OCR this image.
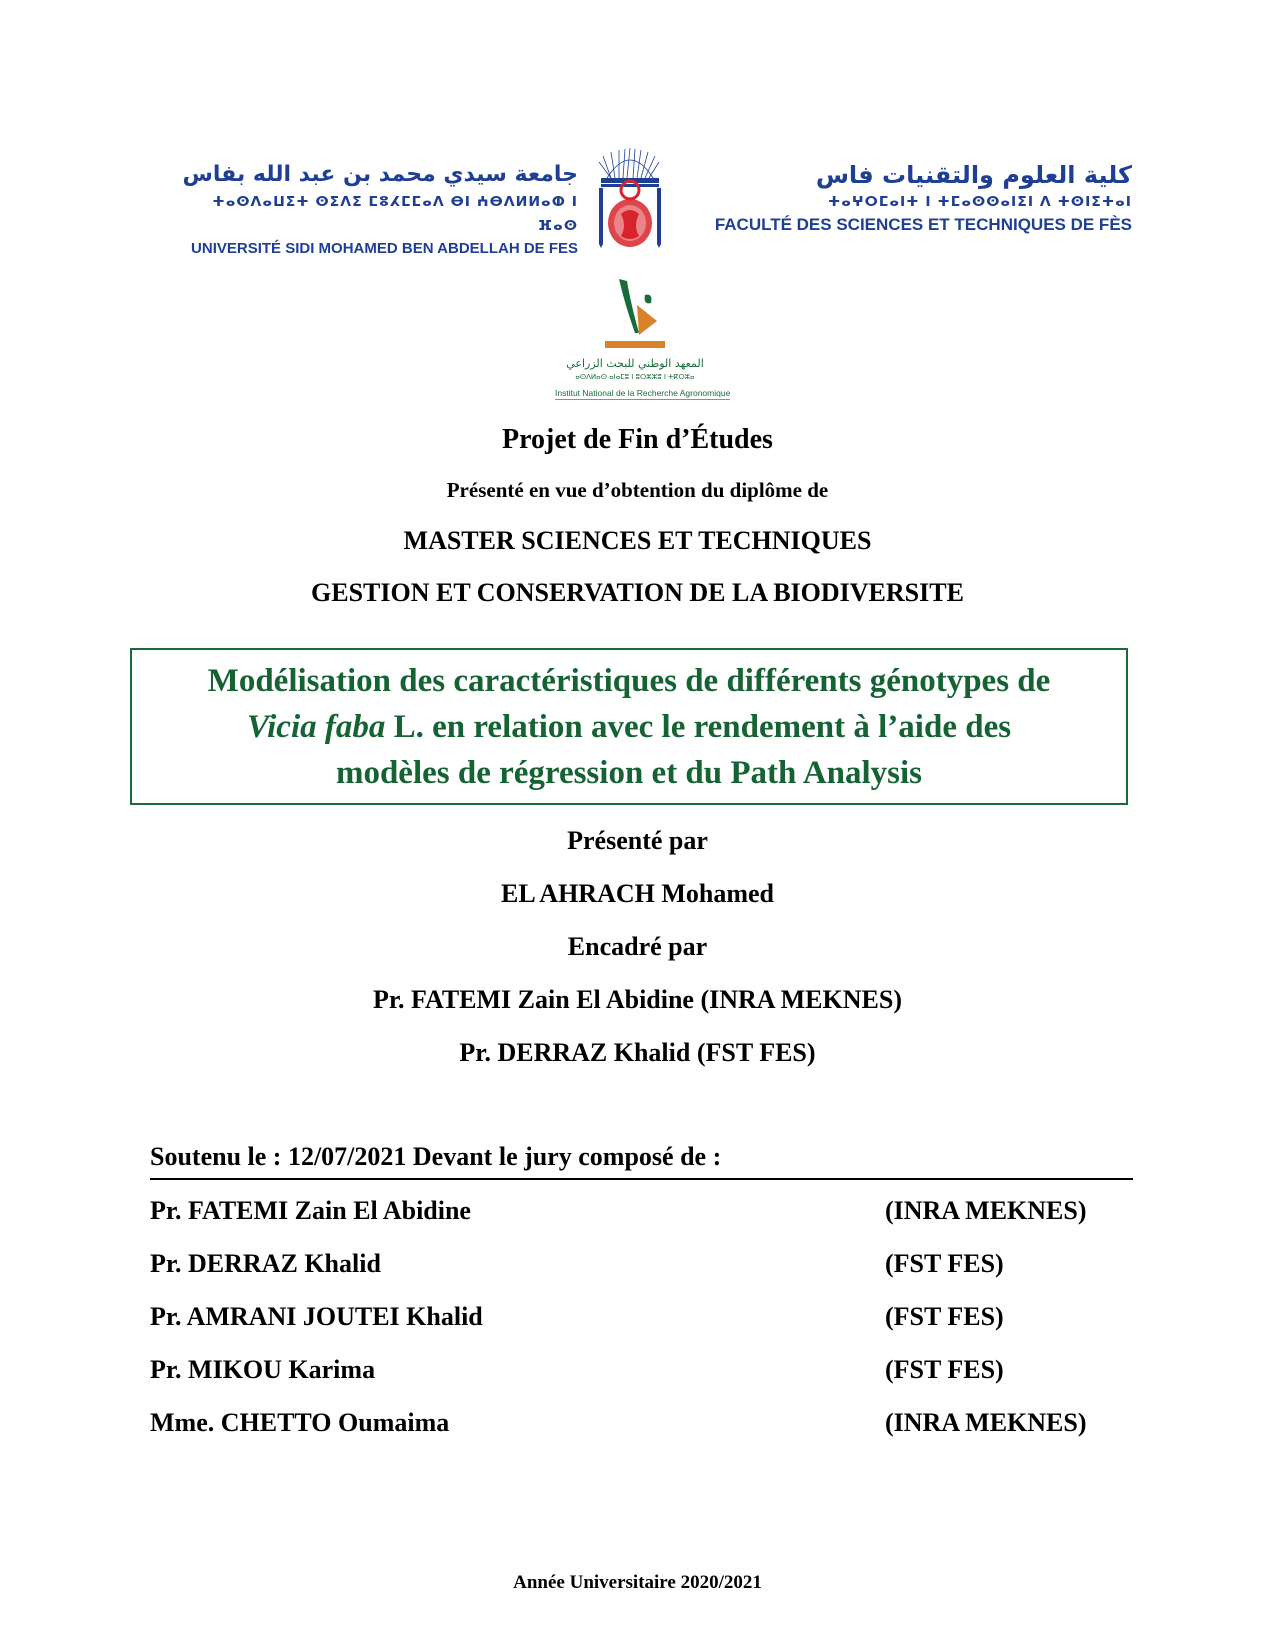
جامعة سيدي محمد بن عبد الله بفاس
ⵜⴰⵙⴷⴰⵡⵉⵜ ⵙⵉⴷⵉ ⵎⵓⵃⵎⵎⴰⴷ ⴱⵏ ⵄⴱⴷⵍⵍⴰⵀ ⵏ ⴼⴰⵙ
UNIVERSITÉ SIDI MOHAMED BEN ABDELLAH DE FES
كلية العلوم والتقنيات فاس
ⵜⴰⵖⵔⵎⴰⵏⵜ ⵏ ⵜⵎⴰⵙⵙⴰⵏⵉⵏ ⴷ ⵜⵙⵏⵉⵜⴰⵏ
FACULTÉ DES SCIENCES ET TECHNIQUES DE FÈS
المعهد الوطني للبحث الزراعي
ⴰⵙⴷⵍⴰⵙ ⴰⵏⴰⵎⵓ ⵏ ⵓⵔⵣⵣⵓ ⵏ ⵜⴽⵔⵣⴰ
Institut National de la Recherche Agronomique
Projet de Fin d’Études
Présenté en vue d’obtention du diplôme de
MASTER SCIENCES ET TECHNIQUES
GESTION ET CONSERVATION DE LA BIODIVERSITE
Modélisation des caractéristiques de différents génotypes de
Vicia faba L. en relation avec le rendement à l’aide des
modèles de régression et du Path Analysis
Présenté par
EL AHRACH Mohamed
Encadré par
Pr. FATEMI Zain El Abidine (INRA MEKNES)
Pr. DERRAZ Khalid (FST FES)
Soutenu le : 12/07/2021 Devant le jury composé de :
Pr. FATEMI Zain El Abidine	(INRA MEKNES)
Pr. DERRAZ Khalid	(FST FES)
Pr. AMRANI JOUTEI Khalid	(FST FES)
Pr. MIKOU Karima	(FST FES)
Mme. CHETTO Oumaima	(INRA MEKNES)
Année Universitaire 2020/2021
